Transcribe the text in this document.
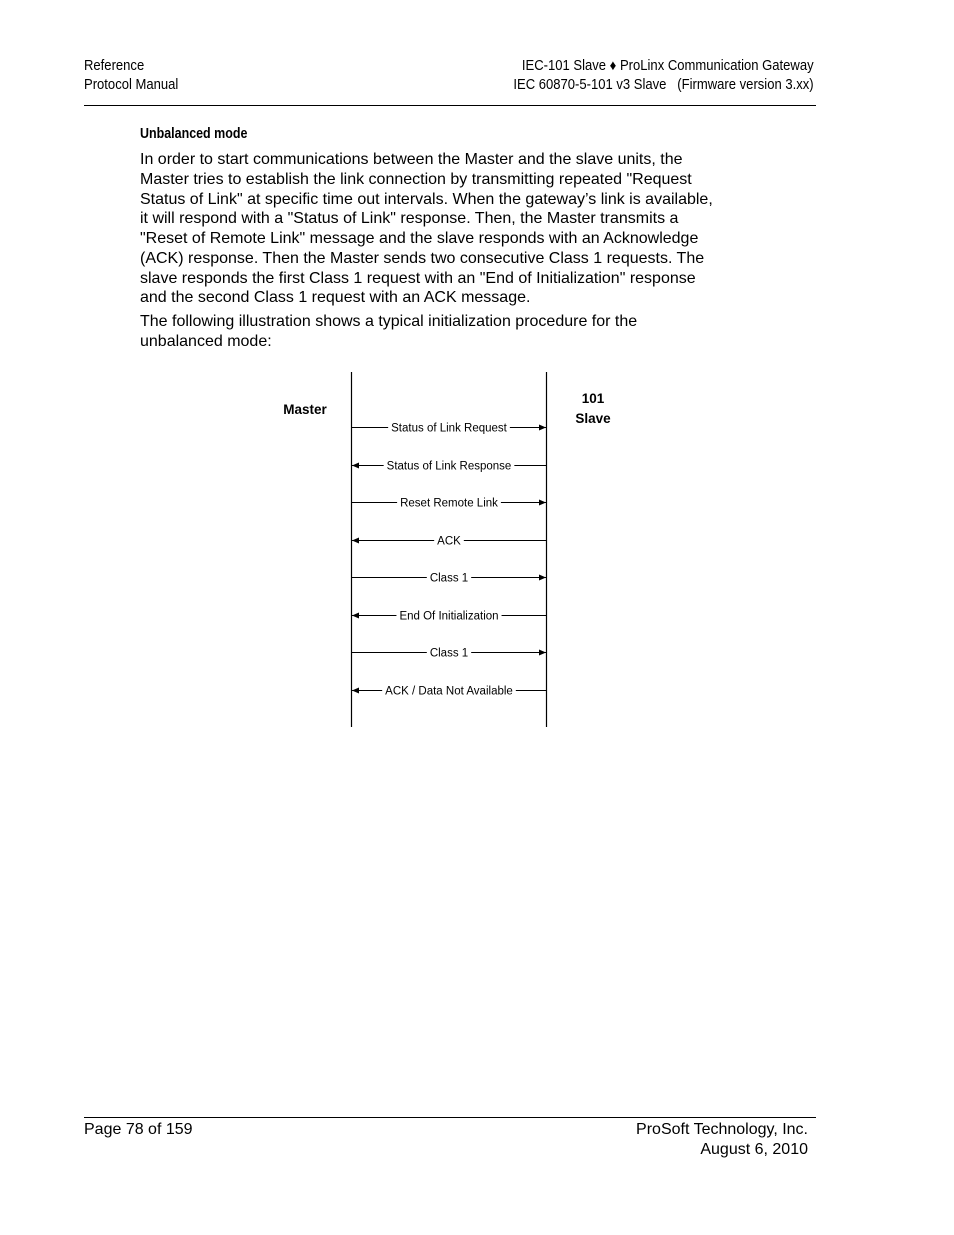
Reference
Protocol Manual
IEC-101 Slave ♦ ProLinx Communication Gateway
IEC 60870-5-101 v3 Slave   (Firmware version 3.xx)
Unbalanced mode
In order to start communications between the Master and the slave units, the
Master tries to establish the link connection by transmitting repeated "Request
Status of Link" at specific time out intervals. When the gateway’s link is available,
it will respond with a "Status of Link" response. Then, the Master transmits a
"Reset of Remote Link" message and the slave responds with an Acknowledge
(ACK) response. Then the Master sends two consecutive Class 1 requests. The
slave responds the first Class 1 request with an "End of Initialization" response
and the second Class 1 request with an ACK message.
The following illustration shows a typical initialization procedure for the
unbalanced mode:
Master
101
Slave
Status of Link Request
Status of Link Response
Reset Remote Link
ACK
Class 1
End Of Initialization
Class 1
ACK / Data Not Available
Page 78 of 159	ProSoft Technology, Inc.
August 6, 2010
